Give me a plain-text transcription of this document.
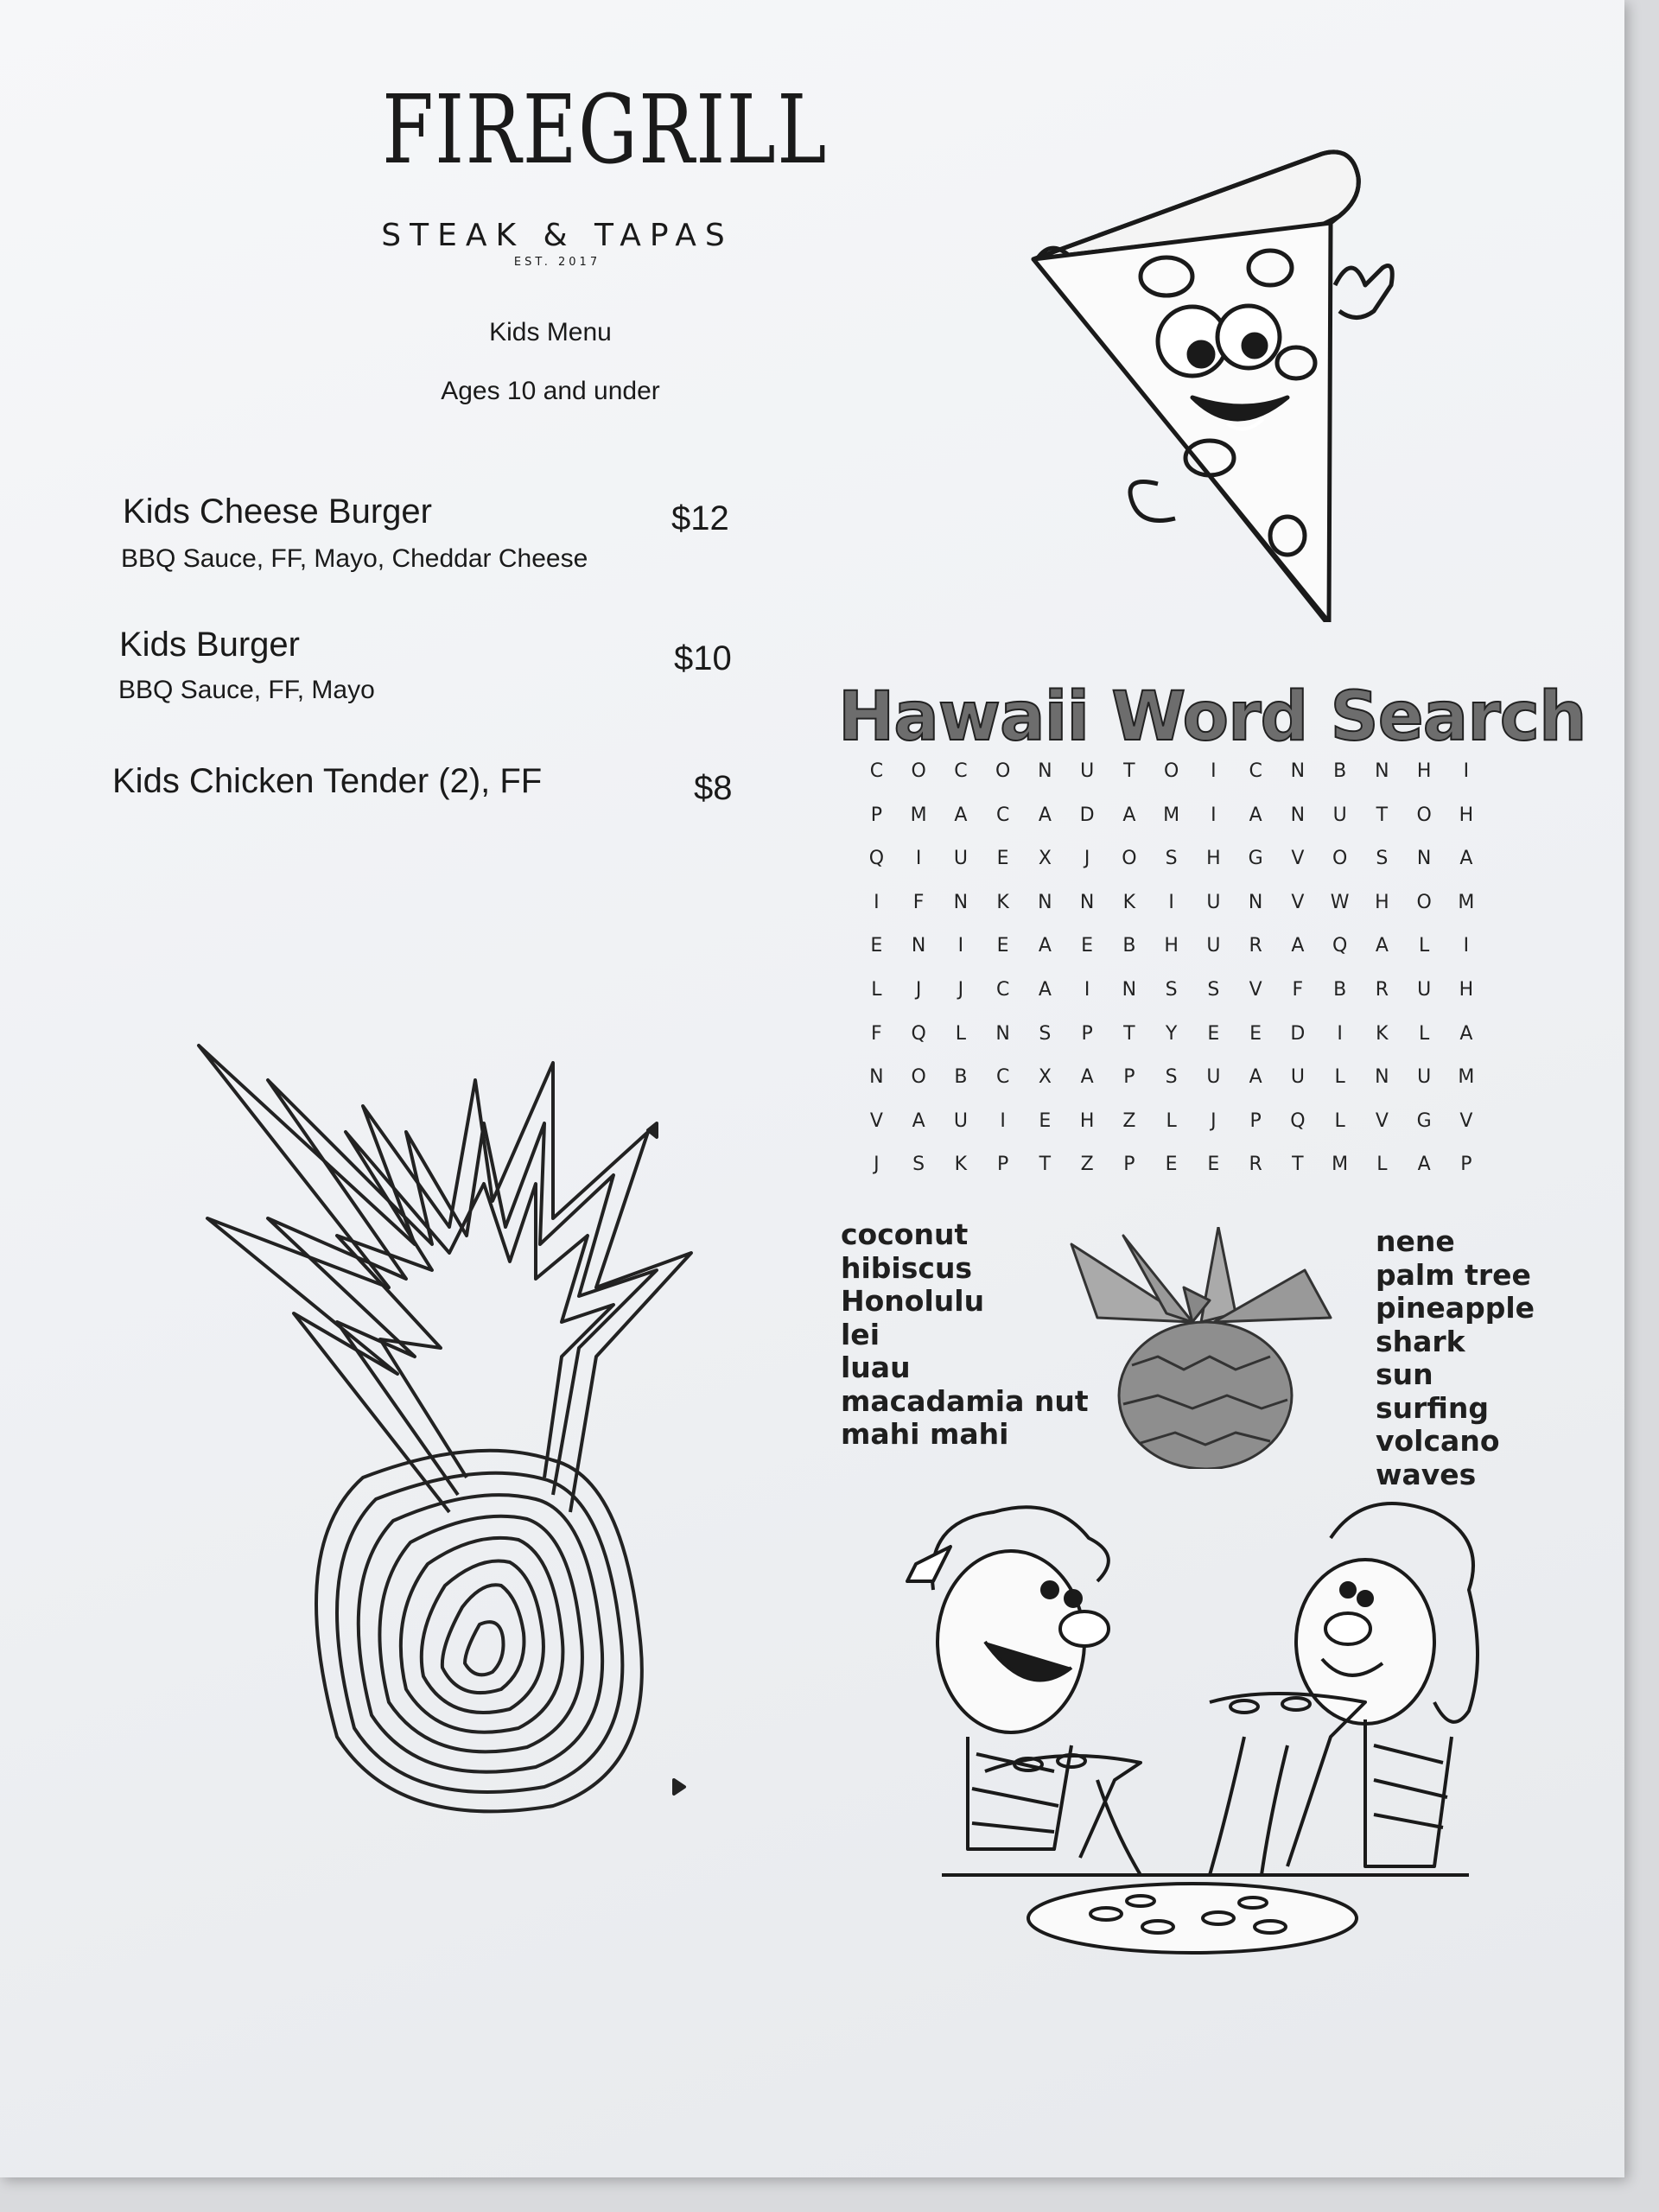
FIREGRILL
STEAK & TAPAS
EST. 2017
Kids Menu
Ages 10 and under
Kids Cheese Burger
BBQ Sauce, FF, Mayo, Cheddar Cheese
$12
Kids Burger
BBQ Sauce, FF, Mayo
$10
Kids Chicken Tender (2), FF	$8
Hawaii Word Search
C	O	C	O	N	U	T	O	I	C	N	B	N	H	I
P	M	A	C	A	D	A	M	I	A	N	U	T	O	H
Q	I	U	E	X	J	O	S	H	G	V	O	S	N	A
I	F	N	K	N	N	K	I	U	N	V	W	H	O	M
E	N	I	E	A	E	B	H	U	R	A	Q	A	L	I
L	J	J	C	A	I	N	S	S	V	F	B	R	U	H
F	Q	L	N	S	P	T	Y	E	E	D	I	K	L	A
N	O	B	C	X	A	P	S	U	A	U	L	N	U	M
V	A	U	I	E	H	Z	L	J	P	Q	L	V	G	V
J	S	K	P	T	Z	P	E	E	R	T	M	L	A	P
coconut
hibiscus
Honolulu
lei
luau
macadamia nut
mahi mahi
nene
palm tree
pineapple
shark
sun
surfing
volcano
waves
